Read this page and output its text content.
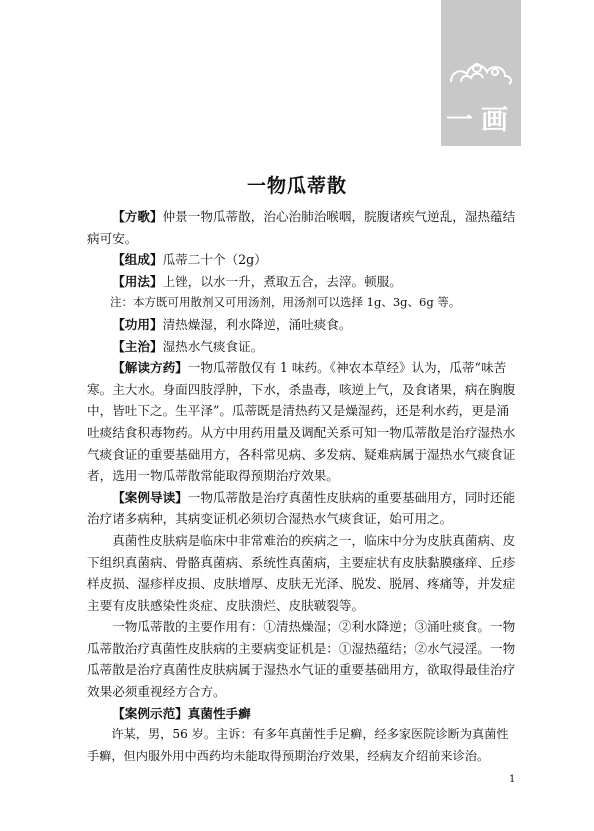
一画
一物瓜蒂散

【方歌】仲景一物瓜蒂散，治心治肺治喉咽，脘腹诸疾气逆乱，湿热蕴结病可安。

【组成】瓜蒂二十个（2g）

【用法】上锉，以水一升，煮取五合，去滓。顿服。

注：本方既可用散剂又可用汤剂，用汤剂可以选择 1g、3g、6g 等。

【功用】清热燥湿，利水降逆，涌吐痰食。

【主治】湿热水气痰食证。

【解读方药】一物瓜蒂散仅有 1 味药。《神农本草经》认为，瓜蒂“味苦寒。主大水。身面四肢浮肿，下水，杀蛊毒，咳逆上气，及食诸果，病在胸腹中，皆吐下之。生平泽”。瓜蒂既是清热药又是燥湿药，还是利水药，更是涌吐痰结食积毒物药。从方中用药用量及调配关系可知一物瓜蒂散是治疗湿热水气痰食证的重要基础用方，各科常见病、多发病、疑难病属于湿热水气痰食证者，选用一物瓜蒂散常能取得预期治疗效果。

【案例导读】一物瓜蒂散是治疗真菌性皮肤病的重要基础用方，同时还能治疗诸多病种，其病变证机必须切合湿热水气痰食证，始可用之。

真菌性皮肤病是临床中非常难治的疾病之一，临床中分为皮肤真菌病、皮下组织真菌病、骨骼真菌病、系统性真菌病，主要症状有皮肤黏膜瘙痒、丘疹样皮损、湿疹样皮损、皮肤增厚、皮肤无光泽、脱发、脱屑、疼痛等，并发症主要有皮肤感染性炎症、皮肤溃烂、皮肤皲裂等。

一物瓜蒂散的主要作用有：①清热燥湿；②利水降逆；③涌吐痰食。一物瓜蒂散治疗真菌性皮肤病的主要病变证机是：①湿热蕴结；②水气浸淫。一物瓜蒂散是治疗真菌性皮肤病属于湿热水气证的重要基础用方，欲取得最佳治疗效果必须重视经方合方。

【案例示范】真菌性手癣

许某，男，56 岁。主诉：有多年真菌性手足癣，经多家医院诊断为真菌性手癣，但内服外用中西药均未能取得预期治疗效果，经病友介绍前来诊治。

1
